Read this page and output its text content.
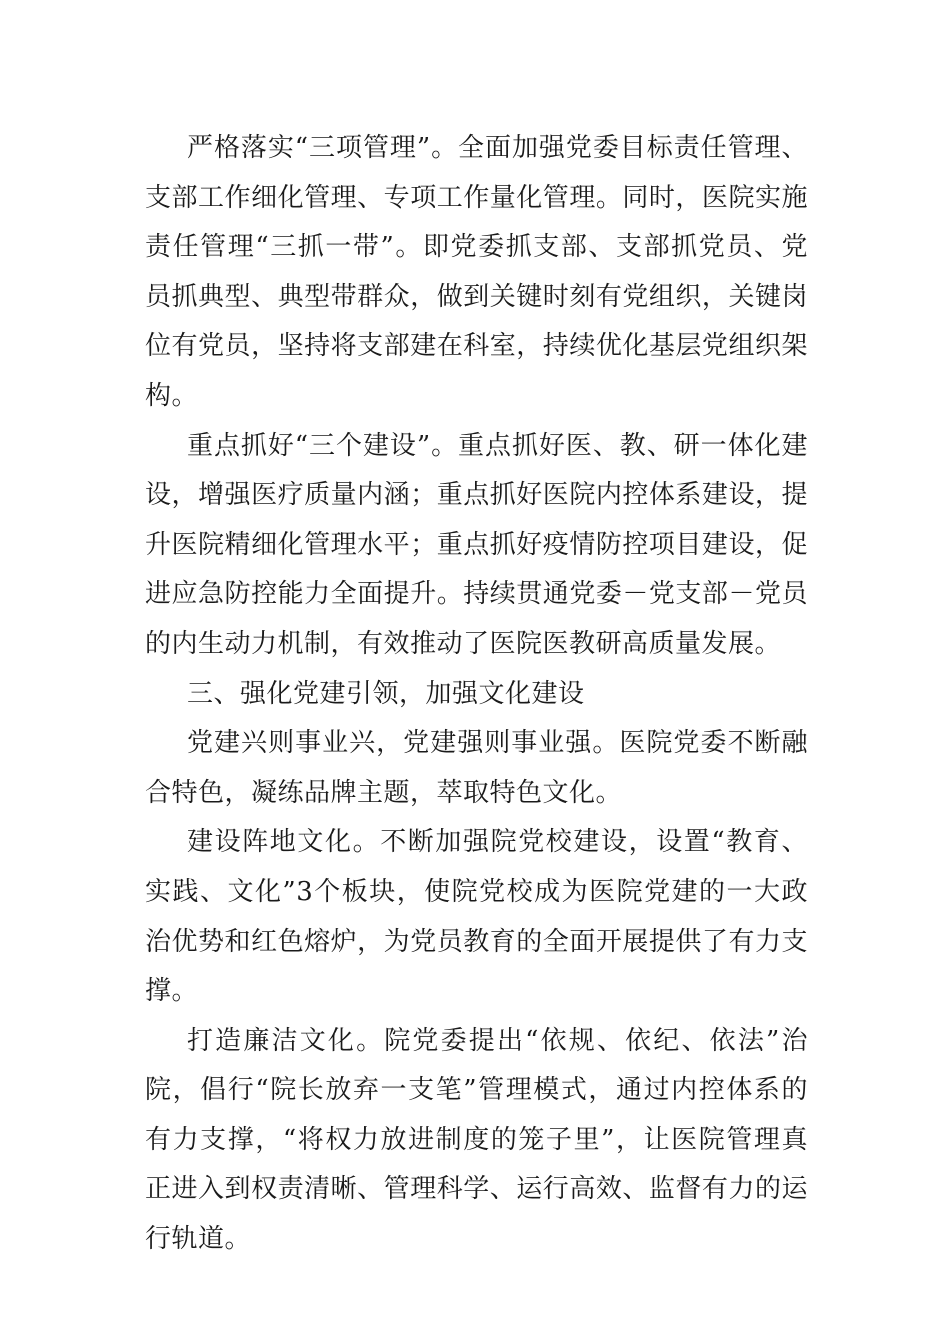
严格落实“三项管理”。全面加强党委目标责任管理、支部工作细化管理、专项工作量化管理。同时，医院实施责任管理“三抓一带”。即党委抓支部、支部抓党员、党员抓典型、典型带群众，做到关键时刻有党组织，关键岗位有党员，坚持将支部建在科室，持续优化基层党组织架构。

重点抓好“三个建设”。重点抓好医、教、研一体化建设，增强医疗质量内涵；重点抓好医院内控体系建设，提升医院精细化管理水平；重点抓好疫情防控项目建设，促进应急防控能力全面提升。持续贯通党委－党支部－党员的内生动力机制，有效推动了医院医教研高质量发展。

三、强化党建引领，加强文化建设

党建兴则事业兴，党建强则事业强。医院党委不断融合特色，凝练品牌主题，萃取特色文化。

建设阵地文化。不断加强院党校建设，设置“教育、实践、文化”3个板块，使院党校成为医院党建的一大政治优势和红色熔炉，为党员教育的全面开展提供了有力支撑。

打造廉洁文化。院党委提出“依规、依纪、依法”治院，倡行“院长放弃一支笔”管理模式，通过内控体系的有力支撑，“将权力放进制度的笼子里”，让医院管理真正进入到权责清晰、管理科学、运行高效、监督有力的运行轨道。
